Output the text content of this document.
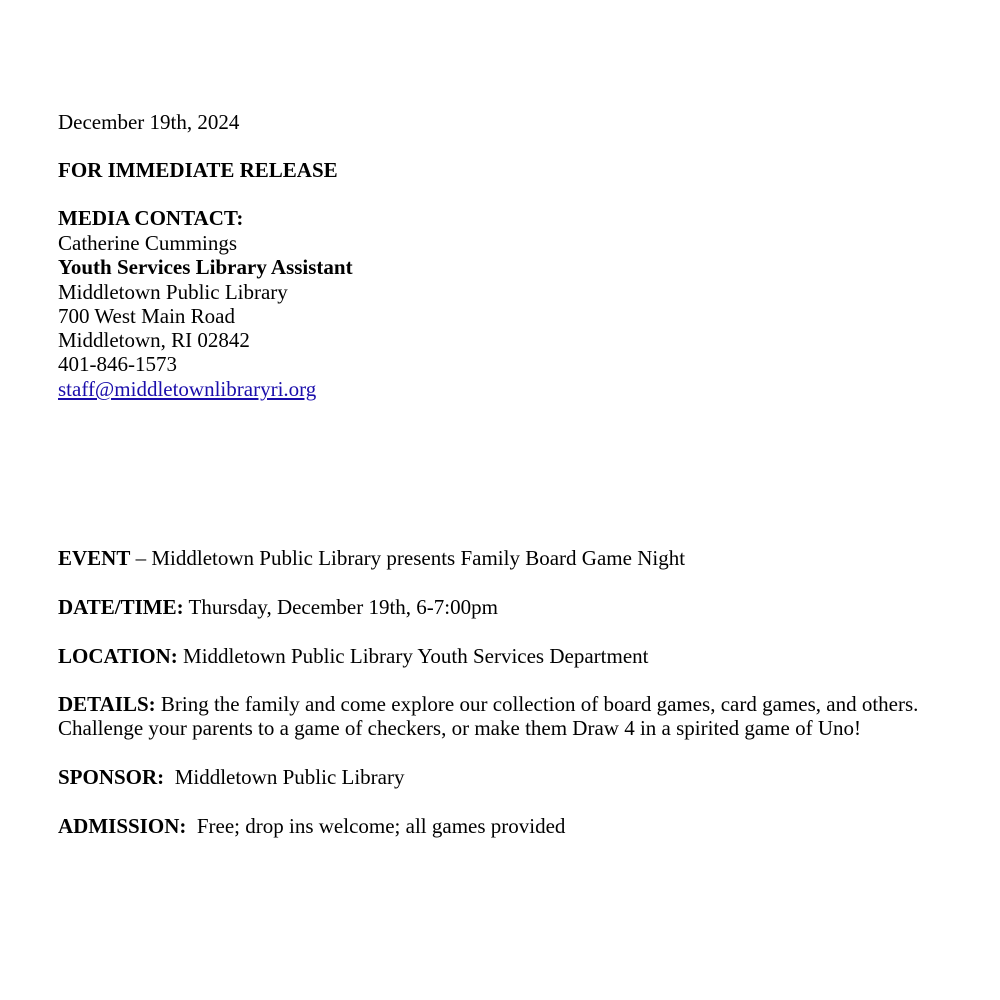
December 19th, 2024
FOR IMMEDIATE RELEASE
MEDIA CONTACT:
Catherine Cummings
Youth Services Library Assistant
Middletown Public Library
700 West Main Road
Middletown, RI 02842
401-846-1573
staff@middletownlibraryri.org
EVENT – Middletown Public Library presents Family Board Game Night
DATE/TIME: Thursday, December 19th, 6-7:00pm
LOCATION: Middletown Public Library Youth Services Department
DETAILS: Bring the family and come explore our collection of board games, card games, and others.
Challenge your parents to a game of checkers, or make them Draw 4 in a spirited game of Uno!
SPONSOR:  Middletown Public Library
ADMISSION:  Free; drop ins welcome; all games provided
